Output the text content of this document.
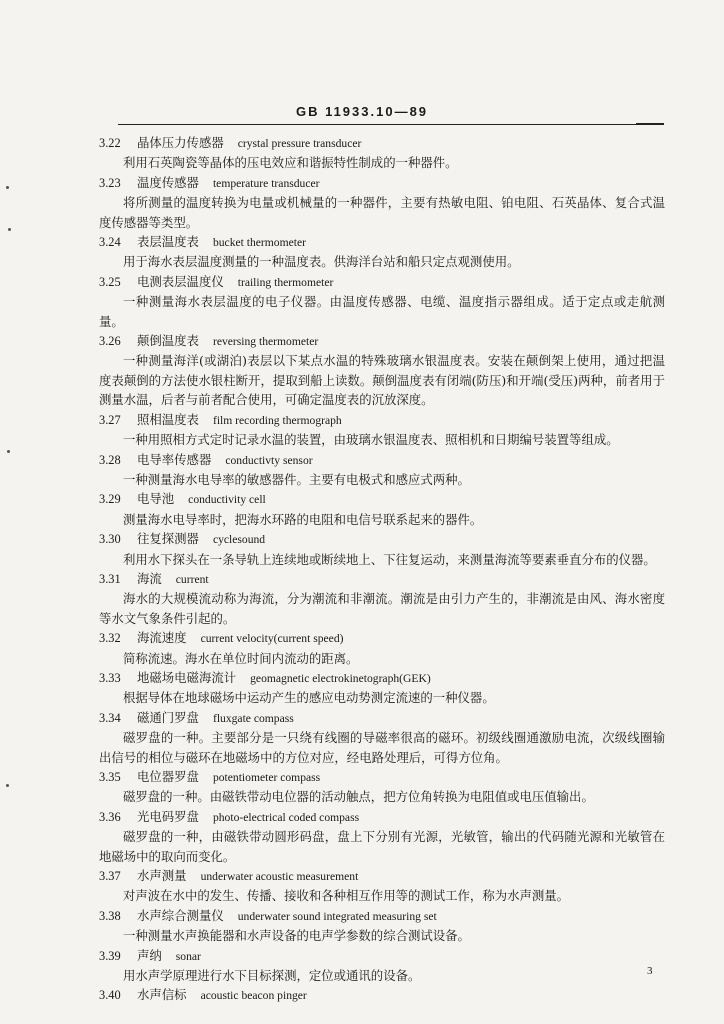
GB 11933.10—89
3.22 晶体压力传感器 crystal pressure transducer
利用石英陶瓷等晶体的压电效应和谐振特性制成的一种器件。
3.23 温度传感器 temperature transducer
将所测量的温度转换为电量或机械量的一种器件，主要有热敏电阻、铂电阻、石英晶体、复合式温度传感器等类型。
3.24 表层温度表 bucket thermometer
用于海水表层温度测量的一种温度表。供海洋台站和船只定点观测使用。
3.25 电测表层温度仪 trailing thermometer
一种测量海水表层温度的电子仪器。由温度传感器、电缆、温度指示器组成。适于定点或走航测量。
3.26 颠倒温度表 reversing thermometer
一种测量海洋(或湖泊)表层以下某点水温的特殊玻璃水银温度表。安装在颠倒架上使用，通过把温度表颠倒的方法使水银柱断开，提取到船上读数。颠倒温度表有闭端(防压)和开端(受压)两种，前者用于测量水温，后者与前者配合使用，可确定温度表的沉放深度。
3.27 照相温度表 film recording thermograph
一种用照相方式定时记录水温的装置，由玻璃水银温度表、照相机和日期编号装置等组成。
3.28 电导率传感器 conductivty sensor
一种测量海水电导率的敏感器件。主要有电极式和感应式两种。
3.29 电导池 conductivity cell
测量海水电导率时，把海水环路的电阻和电信号联系起来的器件。
3.30 往复探测器 cyclesound
利用水下探头在一条导轨上连续地或断续地上、下往复运动，来测量海流等要素垂直分布的仪器。
3.31 海流 current
海水的大规模流动称为海流，分为潮流和非潮流。潮流是由引力产生的，非潮流是由风、海水密度等水文气象条件引起的。
3.32 海流速度 current velocity(current speed)
简称流速。海水在单位时间内流动的距离。
3.33 地磁场电磁海流计 geomagnetic electrokinetograph(GEK)
根据导体在地球磁场中运动产生的感应电动势测定流速的一种仪器。
3.34 磁通门罗盘 fluxgate compass
磁罗盘的一种。主要部分是一只绕有线圈的导磁率很高的磁环。初级线圈通激励电流，次级线圈输出信号的相位与磁环在地磁场中的方位对应，经电路处理后，可得方位角。
3.35 电位器罗盘 potentiometer compass
磁罗盘的一种。由磁铁带动电位器的活动触点，把方位角转换为电阻值或电压值输出。
3.36 光电码罗盘 photo-electrical coded compass
磁罗盘的一种，由磁铁带动圆形码盘，盘上下分别有光源，光敏管，输出的代码随光源和光敏管在地磁场中的取向而变化。
3.37 水声测量 underwater acoustic measurement
对声波在水中的发生、传播、接收和各种相互作用等的测试工作，称为水声测量。
3.38 水声综合测量仪 underwater sound integrated measuring set
一种测量水声换能器和水声设备的电声学参数的综合测试设备。
3.39 声纳 sonar
用水声学原理进行水下目标探测，定位或通讯的设备。
3.40 水声信标 acoustic beacon pinger
3
